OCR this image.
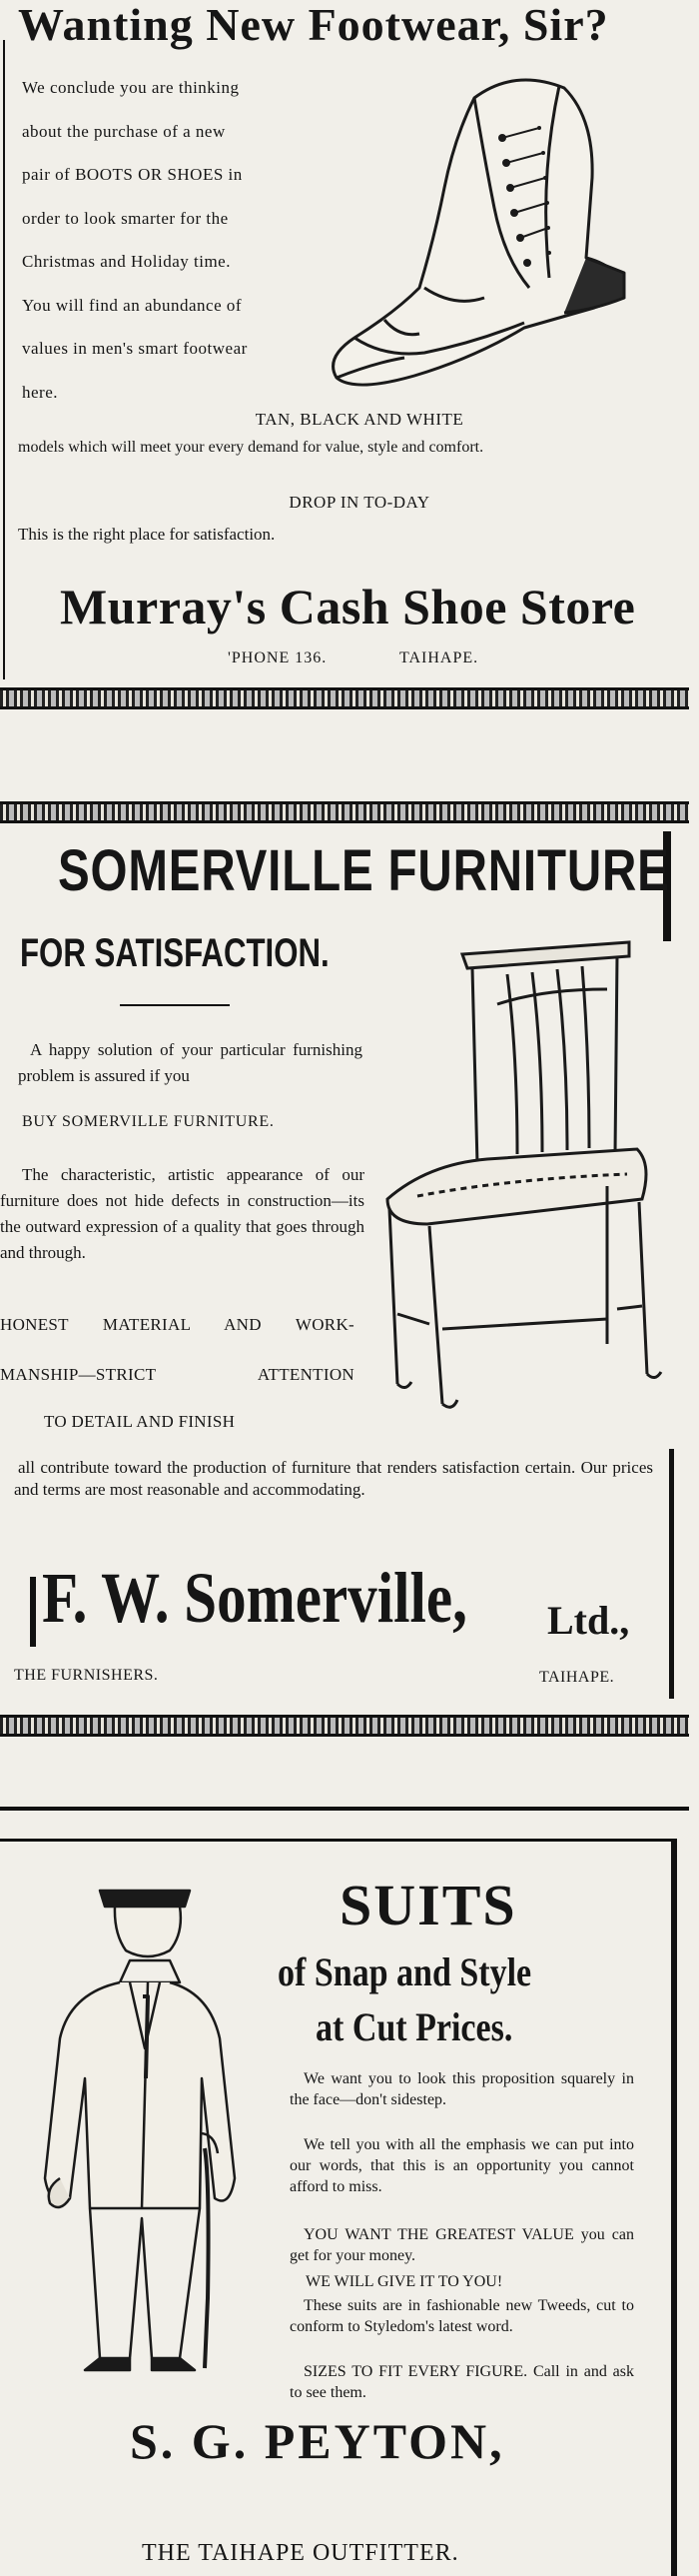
Wanting New Footwear, Sir?
We conclude you are thinking
about the purchase of a new
pair of BOOTS OR SHOES in
order to look smarter for the
Christmas and Holiday time.
You will find an abundance of
values in men's smart footwear
here.
TAN, BLACK AND WHITE
models which will meet your every demand for value, style and comfort.
DROP IN TO-DAY
This is the right place for satisfaction.
Murray's Cash Shoe Store
'PHONE 136.	TAIHAPE.
SOMERVILLE FURNITURE
FOR SATISFACTION.
A happy solution of your particular furnishing problem is assured if you
BUY SOMERVILLE FURNITURE.
The characteristic, artistic appearance of our furniture does not hide defects in construction—its the outward expression of a quality that goes through and through.
HONEST MATERIAL AND WORK-
MANSHIP—STRICT ATTENTION
TO DETAIL AND FINISH
all contribute toward the production of furniture that renders satisfaction certain. Our prices and terms are most reasonable and accommodating.
F. W. Somerville, Ltd.,
THE FURNISHERS.	TAIHAPE.
SUITS
of Snap and Style
at Cut Prices.
We want you to look this proposition squarely in the face—don't sidestep.
We tell you with all the emphasis we can put into our words, that this is an opportunity you cannot afford to miss.
YOU WANT THE GREATEST VALUE you can get for your money.
WE WILL GIVE IT TO YOU!
These suits are in fashionable new Tweeds, cut to conform to Styledom's latest word.
SIZES TO FIT EVERY FIGURE. Call in and ask to see them.
S. G. PEYTON,
THE TAIHAPE OUTFITTER.
